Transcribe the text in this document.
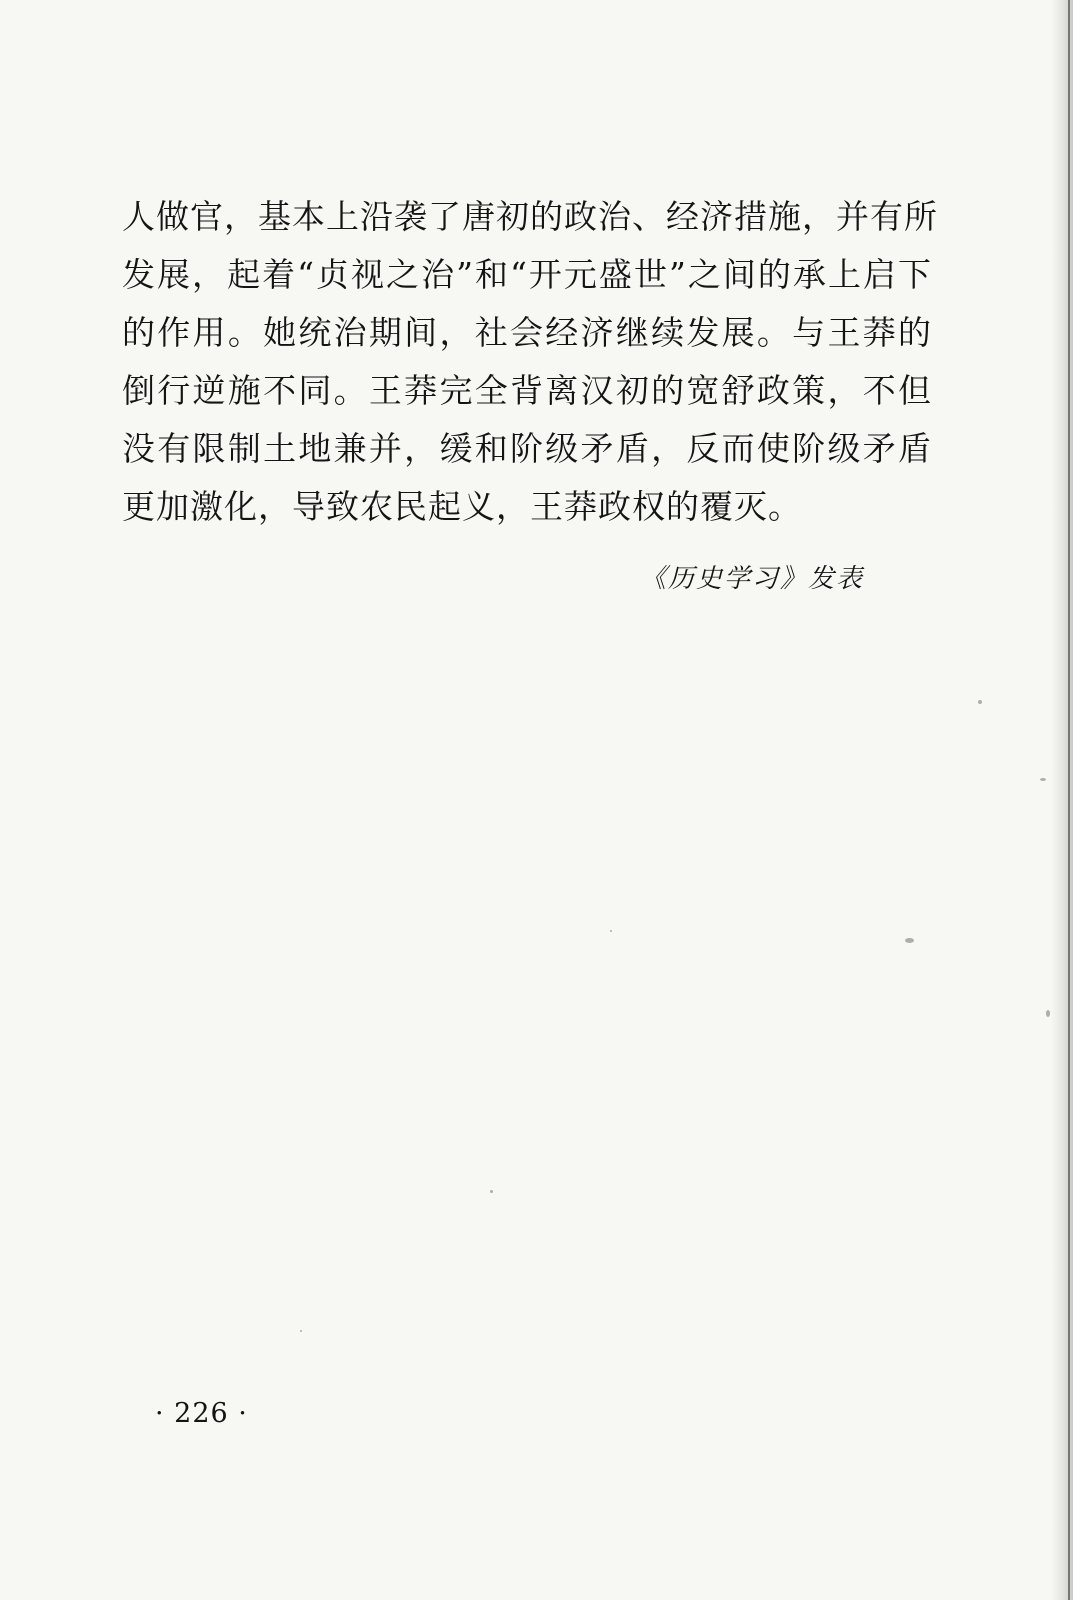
人做官，基本上沿袭了唐初的政治、经济措施，并有所
发展，起着“贞视之治”和“开元盛世”之间的承上启下
的作用。她统治期间，社会经济继续发展。与王莽的
倒行逆施不同。王莽完全背离汉初的宽舒政策，不但
没有限制土地兼并，缓和阶级矛盾，反而使阶级矛盾
更加激化，导致农民起义，王莽政权的覆灭。
《历史学习》发表
· 226 ·
